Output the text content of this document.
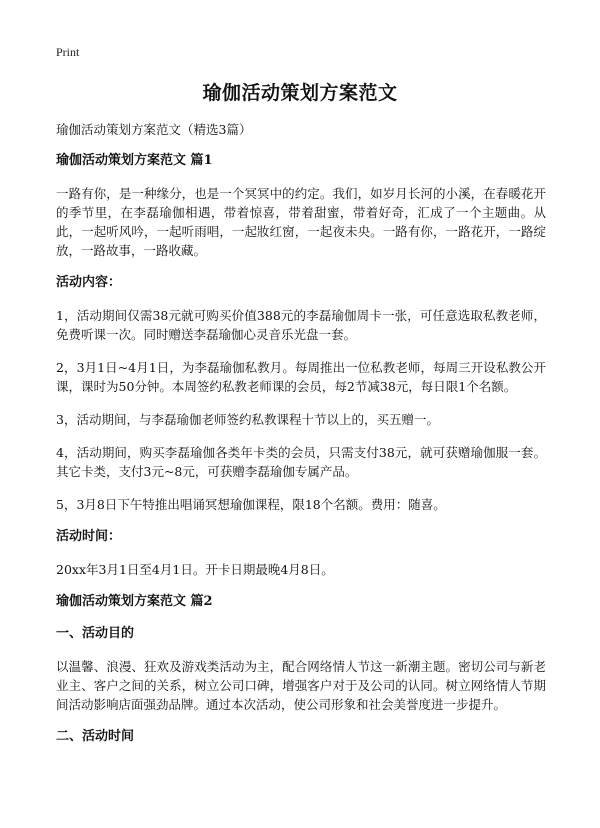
Print
瑜伽活动策划方案范文
瑜伽活动策划方案范文（精选3篇）
瑜伽活动策划方案范文 篇1
一路有你，是一种缘分，也是一个冥冥中的约定。我们，如岁月长河的小溪，在春暖花开的季节里，在李磊瑜伽相遇，带着惊喜，带着甜蜜，带着好奇，汇成了一个主题曲。从此，一起听风吟，一起听雨唱，一起妝红窗，一起夜未央。一路有你，一路花开，一路绽放，一路故事，一路收藏。
活动内容：
1，活动期间仅需38元就可购买价值388元的李磊瑜伽周卡一张，可任意选取私教老师，免费听课一次。同时赠送李磊瑜伽心灵音乐光盘一套。
2，3月1日~4月1日，为李磊瑜伽私教月。每周推出一位私教老师，每周三开设私教公开课，课时为50分钟。本周签约私教老师课的会员，每2节减38元，每日限1个名额。
3，活动期间，与李磊瑜伽老师签约私教课程十节以上的，买五赠一。
4，活动期间，购买李磊瑜伽各类年卡类的会员，只需支付38元，就可获赠瑜伽服一套。其它卡类，支付3元~8元，可获赠李磊瑜伽专属产品。
5，3月8日下午特推出唱诵冥想瑜伽课程，限18个名额。费用：随喜。
活动时间：
20xx年3月1日至4月1日。开卡日期最晚4月8日。
瑜伽活动策划方案范文 篇2
一、活动目的
以温馨、浪漫、狂欢及游戏类活动为主，配合网络情人节这一新潮主题。密切公司与新老业主、客户之间的关系，树立公司口碑，增强客户对于及公司的认同。树立网络情人节期间活动影响店面强劲品牌。通过本次活动，使公司形象和社会美誉度进一步提升。
二、活动时间
